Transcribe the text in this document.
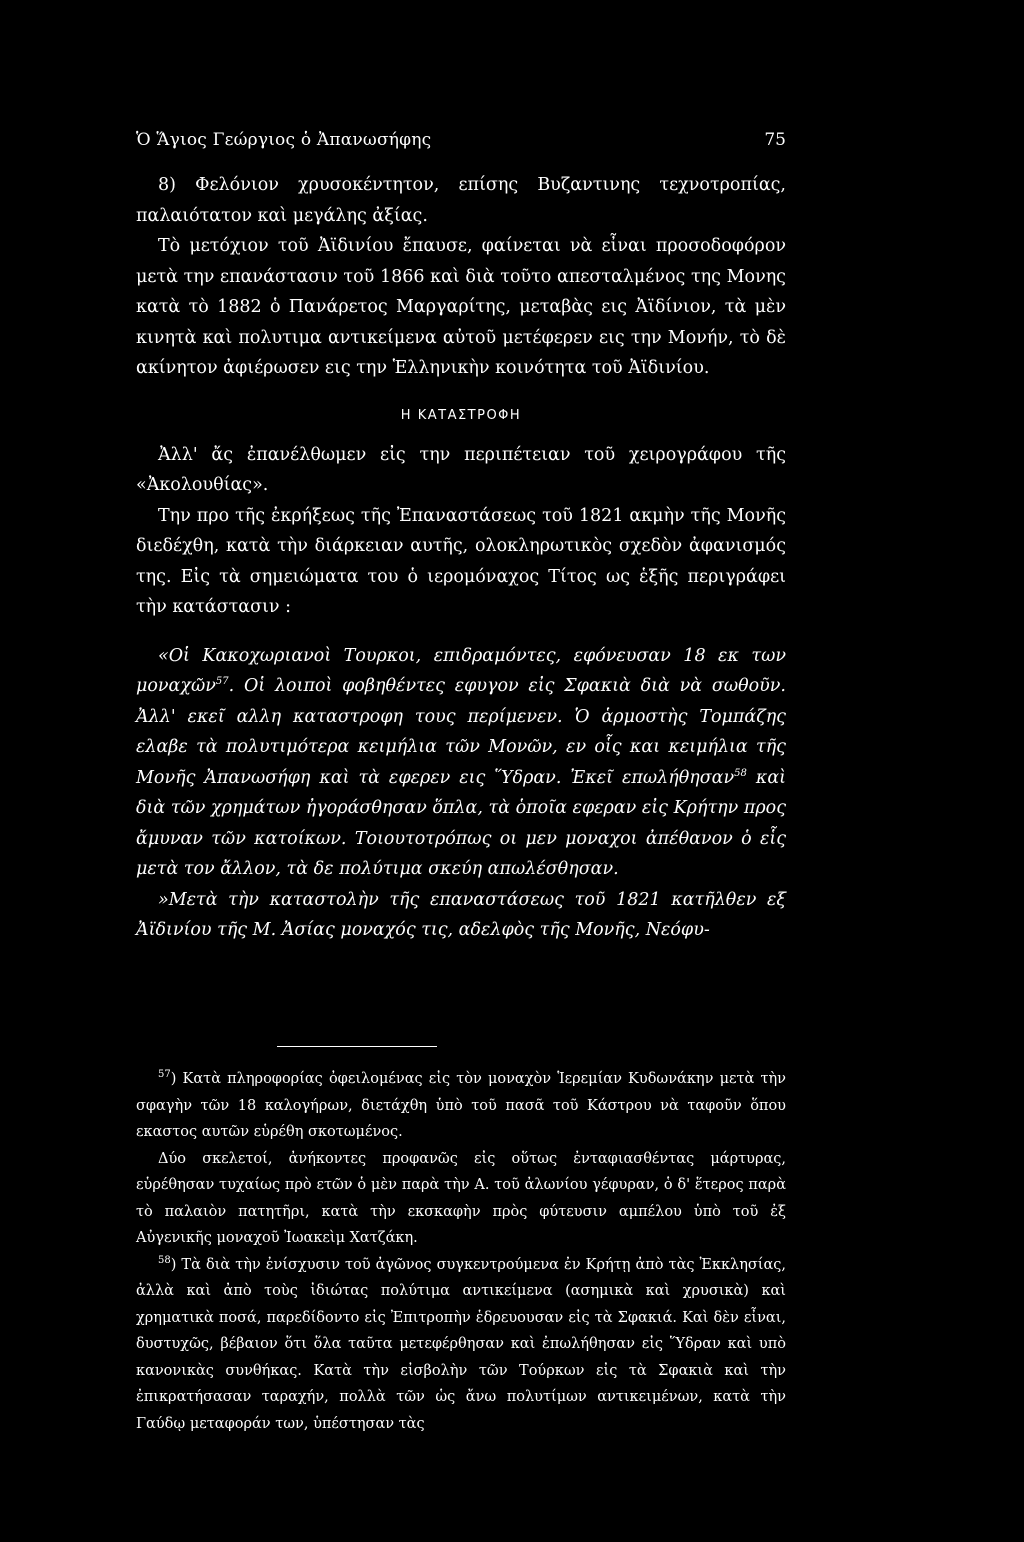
Ὁ Ἅγιος Γεώργιος ὁ Ἀπανωσήφης	75

8) Φελόνιον χρυσοκέντητον, επίσης Βυζαντινης τεχνοτροπίας, παλαιότατον καὶ μεγάλης ἀξίας.

Τὸ μετόχιον τοῦ Ἀϊδινίου ἔπαυσε, φαίνεται νὰ εἶναι προσοδοφόρον μετὰ την επανάστασιν τοῦ 1866 καὶ διὰ τοῦτο απεσταλμένος της Μονης κατὰ τὸ 1882 ὁ Πανάρετος Μαργαρίτης, μεταβὰς εις Ἀϊδίνιον, τὰ μὲν κινητὰ καὶ πολυτιμα αντικείμενα αὐτοῦ μετέφερεν εις την Μονήν, τὸ δὲ ακίνητον ἀφιέρωσεν εις την Ἑλληνικὴν κοινότητα τοῦ Ἀϊδινίου.

Η ΚΑΤΑΣΤΡΟΦΗ

Ἀλλ' ἄς ἐπανέλθωμεν εἰς την περιπέτειαν τοῦ χειρογράφου τῆς «Ἀκολουθίας».

Την προ τῆς ἐκρήξεως τῆς Ἐπαναστάσεως τοῦ 1821 ακμὴν τῆς Μονῆς διεδέχθη, κατὰ τὴν διάρκειαν αυτῆς, ολοκληρωτικὸς σχεδὸν ἀφανισμός της. Εἰς τὰ σημειώματα του ὁ ιερομόναχος Τίτος ως ἑξῆς περιγράφει τὴν κατάστασιν :

«Οἱ Κακοχωριανοὶ Τουρκοι, επιδραμόντες, εφόνευσαν 18 εκ των μοναχῶν$^{57}$. Οἱ λοιποὶ φοβηθέντες εφυγον εἰς Σφακιὰ διὰ νὰ σωθοῦν. Ἀλλ' εκεῖ αλλη καταστροφη τους περίμενεν. Ὁ ἁρμοστὴς Τομπάζης ελαβε τὰ πολυτιμότερα κειμήλια τῶν Μονῶν, εν οἷς και κειμήλια τῆς Μονῆς Ἀπανωσήφη καὶ τὰ εφερεν εις Ὕδραν. Ἐκεῖ επωλήθησαν$^{58}$ καὶ διὰ τῶν χρημάτων ἠγοράσθησαν ὅπλα, τὰ ὁποῖα εφεραν εἰς Κρήτην προς ἄμυναν τῶν κατοίκων. Τοιουτοτρόπως οι μεν μοναχοι ἀπέθανον ὁ εἷς μετὰ τον ἄλλον, τὰ δε πολύτιμα σκεύη απωλέσθησαν.

»Μετὰ τὴν καταστολὴν τῆς επαναστάσεως τοῦ 1821 κατῆλθεν εξ Ἀϊδινίου τῆς Μ. Ἀσίας μοναχός τις, αδελφὸς τῆς Μονῆς, Νεόφυ-

$^{57}$) Κατὰ πληροφορίας ὀφειλομένας εἰς τὸν μοναχὸν Ἱερεμίαν Κυδωνάκην μετὰ τὴν σφαγὴν τῶν 18 καλογήρων, διετάχθη ὑπὸ τοῦ πασᾶ τοῦ Κάστρου νὰ ταφοῦν ὅπου εκαστος αυτῶν εὑρέθη σκοτωμένος.

Δύο σκελετοί, ἀνήκοντες προφανῶς εἰς οὕτως ἐνταφιασθέντας μάρτυρας, εὑρέθησαν τυχαίως πρὸ ετῶν ὁ μὲν παρὰ τὴν Α. τοῦ ἀλωνίου γέφυραν, ὁ δ' ἕτερος παρὰ τὸ παλαιὸν πατητῆρι, κατὰ τὴν εκσκαφὴν πρὸς φύτευσιν αμπέλου ὑπὸ τοῦ ἐξ Αὐγενικῆς μοναχοῦ Ἰωακεὶμ Χατζάκη.

$^{58}$) Τὰ διὰ τὴν ἐνίσχυσιν τοῦ ἀγῶνος συγκεντρούμενα ἐν Κρήτῃ ἀπὸ τὰς Ἐκκλησίας, ἀλλὰ καὶ ἀπὸ τοὺς ἰδιώτας πολύτιμα αντικείμενα (ασημικὰ καὶ χρυσικὰ) καὶ χρηματικὰ ποσά, παρεδίδοντο εἰς Ἐπιτροπὴν ἑδρευουσαν εἰς τὰ Σφακιά. Καὶ δὲν εἶναι, δυστυχῶς, βέβαιον ὅτι ὅλα ταῦτα μετεφέρθησαν καὶ ἐπωλήθησαν εἰς Ὕδραν καὶ υπὸ κανονικὰς συνθήκας. Κατὰ τὴν εἰσβολὴν τῶν Τούρκων εἰς τὰ Σφακιὰ καὶ τὴν ἐπικρατήσασαν ταραχήν, πολλὰ τῶν ὡς ἄνω πολυτίμων αντικειμένων, κατὰ τὴν Γαύδῳ μεταφοράν των, ὑπέστησαν τὰς
